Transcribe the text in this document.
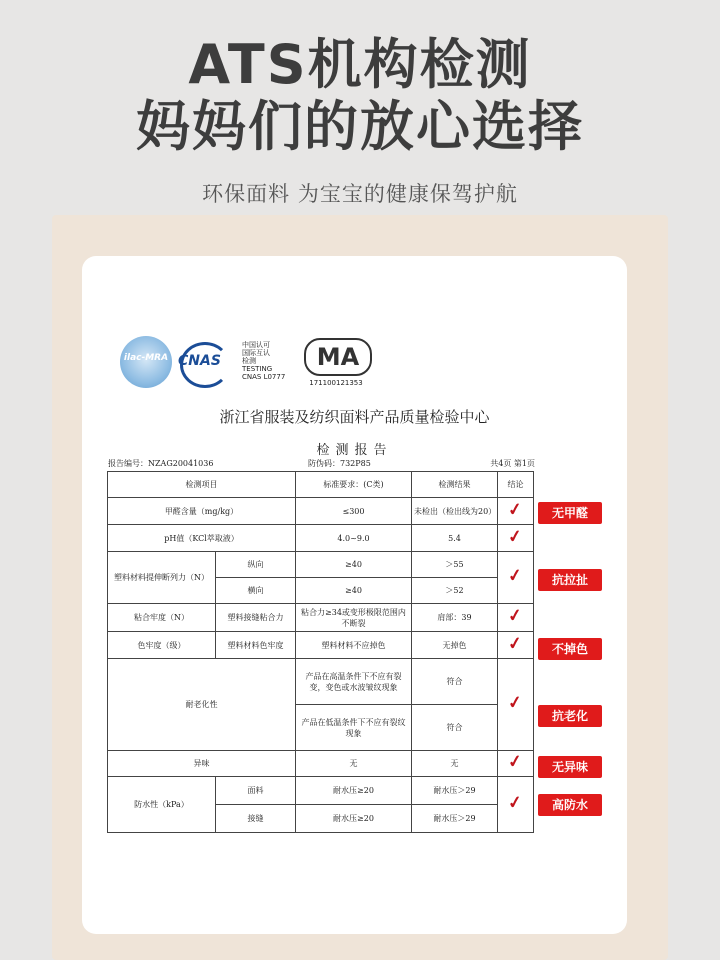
ATS机构检测
妈妈们的放心选择
环保面料 为宝宝的健康保驾护航
ilac-MRA CNAS
中国认可
国际互认
检测
TESTING
CNAS L0777
MA
171100121353
浙江省服装及纺织面料产品质量检验中心
检测报告
报告编号：NZAG20041036	防伪码：732P85	共4页 第1页
检测项目		标准要求：(C类)	检测结果	结论
甲醛含量（mg/kg）		≤300	未检出（检出线为20）	✓
pH值（KCl萃取液）		4.0~9.0	5.4	✓
塑料材料提伸断列力（N）	纵向	≥40	＞55	✓
	横向	≥40	＞52	
粘合牢度（N）	塑料接缝粘合力	粘合力≥34或变形极限范围内不断裂	肩部：39	✓
色牢度（级）	塑料材料色牢度	塑料材料不应掉色	无掉色	✓
耐老化性		产品在高温条件下不应有裂变，变色或水波皱纹现象	符合	✓
		产品在低温条件下不应有裂纹现象	符合	
异味		无	无	✓
防水性（kPa）	面料	耐水压≥20	耐水压＞29	✓
	接缝	耐水压≥20	耐水压＞29	
无甲醛
抗拉扯
不掉色
抗老化
无异味
高防水
